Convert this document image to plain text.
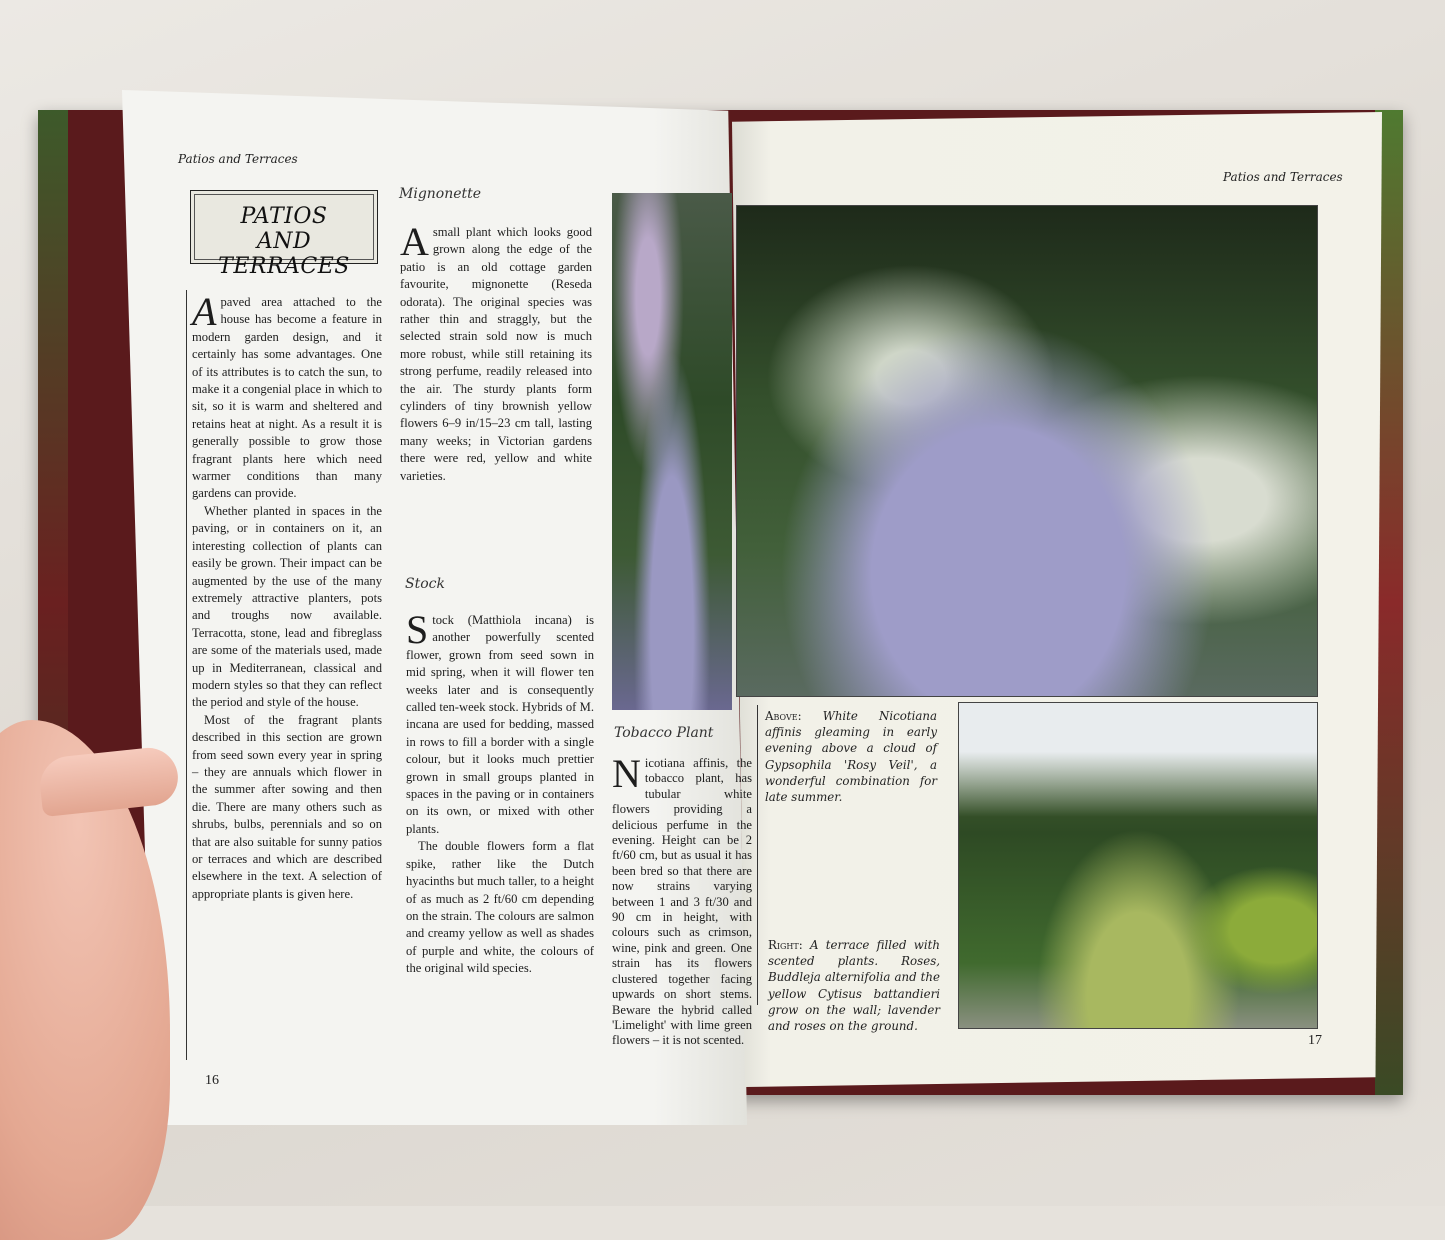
Patios and Terraces
PATIOS AND TERRACES

Apaved area attached to the house has become a feature in modern garden design, and it certainly has some advantages. One of its attributes is to catch the sun, to make it a congenial place in which to sit, so it is warm and sheltered and retains heat at night. As a result it is generally possible to grow those fragrant plants here which need warmer conditions than many gardens can provide.

Whether planted in spaces in the paving, or in containers on it, an interesting collection of plants can easily be grown. Their impact can be augmented by the use of the many extremely attractive planters, pots and troughs now available. Terracotta, stone, lead and fibreglass are some of the materials used, made up in Mediterranean, classical and modern styles so that they can reflect the period and style of the house.

Most of the fragrant plants described in this section are grown from seed sown every year in spring – they are annuals which flower in the summer after sowing and then die. There are many others such as shrubs, bulbs, perennials and so on that are also suitable for sunny patios or terraces and which are described elsewhere in the text. A selection of appropriate plants is given here.

Mignonette

Asmall plant which looks good grown along the edge of the patio is an old cottage garden favourite, mignonette (Reseda odorata). The original species was rather thin and straggly, but the selected strain sold now is much more robust, while still retaining its strong perfume, readily released into the air. The sturdy plants form cylinders of tiny brownish yellow flowers 6–9 in/15–23 cm tall, lasting many weeks; in Victorian gardens there were red, yellow and white varieties.

Stock

Stock (Matthiola incana) is another powerfully scented flower, grown from seed sown in mid spring, when it will flower ten weeks later and is consequently called ten-week stock. Hybrids of M. incana are used for bedding, massed in rows to fill a border with a single colour, but it looks much prettier grown in small groups planted in spaces in the paving or in containers on its own, or mixed with other plants.

The double flowers form a flat spike, rather like the Dutch hyacinths but much taller, to a height of as much as 2 ft/60 cm depending on the strain. The colours are salmon and creamy yellow as well as shades of purple and white, the colours of the original wild species.

Tobacco Plant

Nicotiana affinis, the tobacco plant, has tubular white flowers providing a delicious perfume in the evening. Height can be 2 ft/60 cm, but as usual it has been bred so that there are now strains varying between 1 and 3 ft/30 and 90 cm in height, with colours such as crimson, wine, pink and green. One strain has its flowers clustered together facing upwards on short stems. Beware the hybrid called 'Limelight' with lime green flowers – it is not scented.

16
Patios and Terraces
Above: White Nicotiana affinis gleaming in early evening above a cloud of Gypsophila 'Rosy Veil', a wonderful combination for late summer.
Right: A terrace filled with scented plants. Roses, Buddleja alternifolia and the yellow Cytisus battandieri grow on the wall; lavender and roses on the ground.
17
